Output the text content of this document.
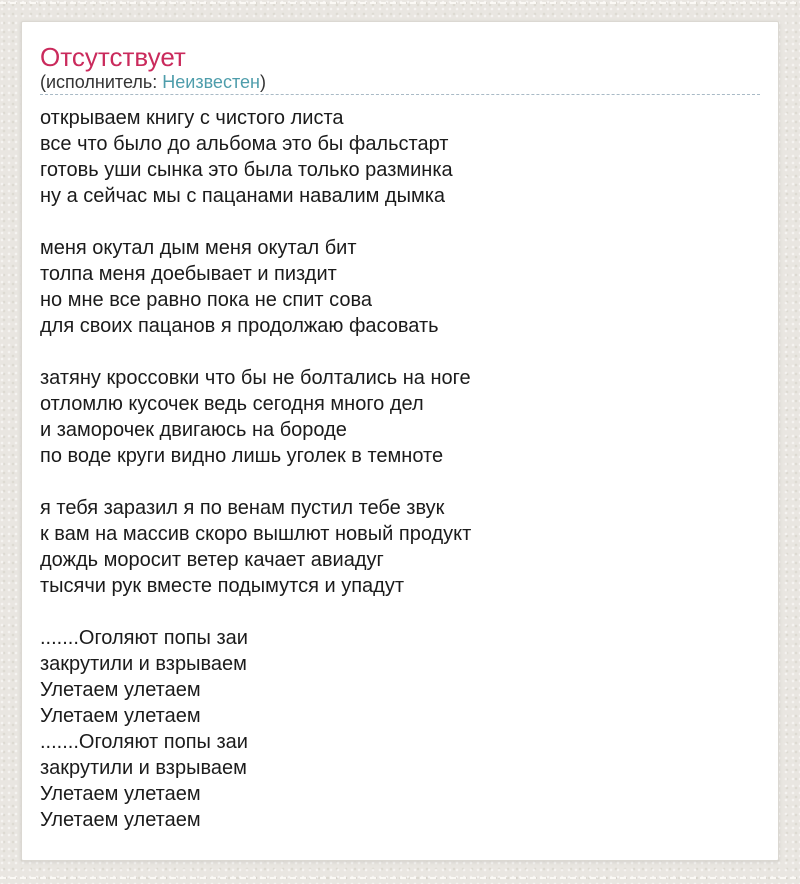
Отсутствует
(исполнитель: Неизвестен)
открываем книгу с чистого листа
все что было до альбома это бы фальстарт
готовь уши сынка это была только разминка
ну а сейчас мы с пацанами навалим дымка
меня окутал дым меня окутал бит
толпа меня доебывает и пиздит
но мне все равно пока не спит сова
для своих пацанов я продолжаю фасовать
затяну кроссовки что бы не болтались на ноге
отломлю кусочек ведь сегодня много дел
и заморочек двигаюсь на бороде
по воде круги видно лишь уголек в темноте
я тебя заразил я по венам пустил тебе звук
к вам на массив скоро вышлют новый продукт
дождь моросит ветер качает авиадуг
тысячи рук вместе подымутся и упадут
.......Оголяют попы заи
закрутили и взрываем
Улетаем улетаем
Улетаем улетаем
.......Оголяют попы заи
закрутили и взрываем
Улетаем улетаем
Улетаем улетаем
